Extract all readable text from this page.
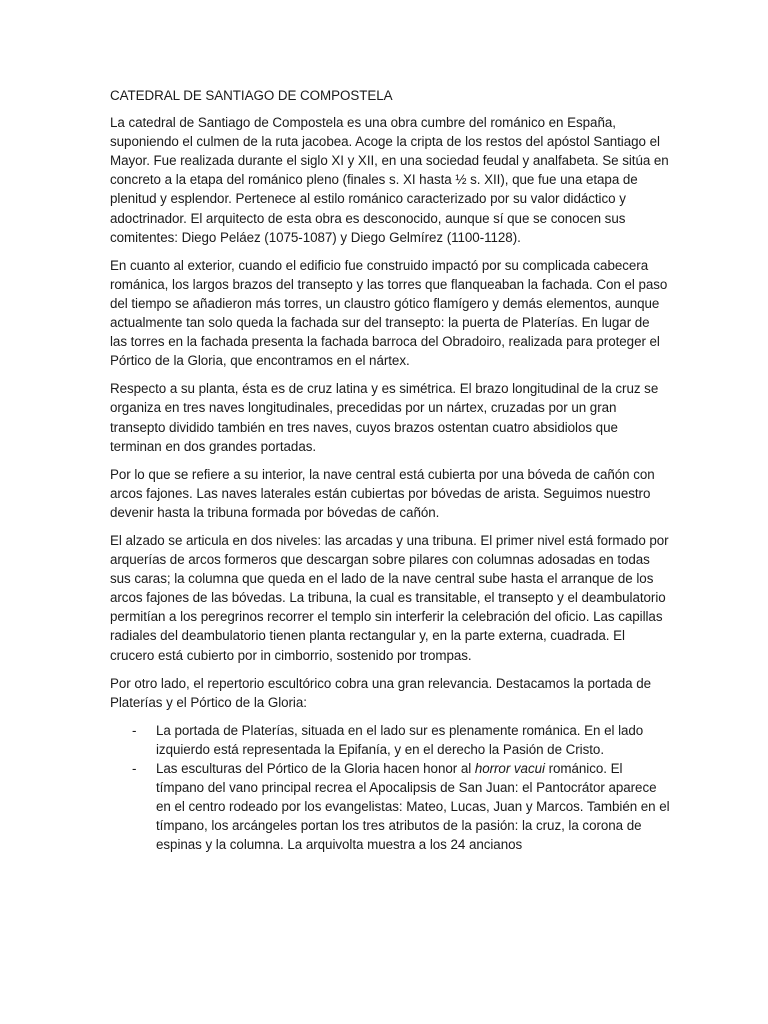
CATEDRAL DE SANTIAGO DE COMPOSTELA

La catedral de Santiago de Compostela es una obra cumbre del románico en España, suponiendo el culmen de la ruta jacobea. Acoge la cripta de los restos del apóstol Santiago el Mayor. Fue realizada durante el siglo XI y XII, en una sociedad feudal y analfabeta. Se sitúa en concreto a la etapa del románico pleno (finales s. XI hasta ½ s. XII), que fue una etapa de plenitud y esplendor. Pertenece al estilo románico caracterizado por su valor didáctico y adoctrinador. El arquitecto de esta obra es desconocido, aunque sí que se conocen sus comitentes: Diego Peláez (1075-1087) y Diego Gelmírez (1100-1128).

En cuanto al exterior, cuando el edificio fue construido impactó por su complicada cabecera románica, los largos brazos del transepto y las torres que flanqueaban la fachada. Con el paso del tiempo se añadieron más torres, un claustro gótico flamígero y demás elementos, aunque actualmente tan solo queda la fachada sur del transepto: la puerta de Platerías. En lugar de las torres en la fachada presenta la fachada barroca del Obradoiro, realizada para proteger el Pórtico de la Gloria, que encontramos en el nártex.

Respecto a su planta, ésta es de cruz latina y es simétrica. El brazo longitudinal de la cruz se organiza en tres naves longitudinales, precedidas por un nártex, cruzadas por un gran transepto dividido también en tres naves, cuyos brazos ostentan cuatro absidiolos que terminan en dos grandes portadas.

Por lo que se refiere a su interior, la nave central está cubierta por una bóveda de cañón con arcos fajones. Las naves laterales están cubiertas por bóvedas de arista. Seguimos nuestro devenir hasta la tribuna formada por bóvedas de cañón.

El alzado se articula en dos niveles: las arcadas y una tribuna. El primer nivel está formado por arquerías de arcos formeros que descargan sobre pilares con columnas adosadas en todas sus caras; la columna que queda en el lado de la nave central sube hasta el arranque de los arcos fajones de las bóvedas. La tribuna, la cual es transitable, el transepto y el deambulatorio permitían a los peregrinos recorrer el templo sin interferir la celebración del oficio. Las capillas radiales del deambulatorio tienen planta rectangular y, en la parte externa, cuadrada. El crucero está cubierto por in cimborrio, sostenido por trompas.

Por otro lado, el repertorio escultórico cobra una gran relevancia. Destacamos la portada de Platerías y el Pórtico de la Gloria:

- La portada de Platerías, situada en el lado sur es plenamente románica. En el lado izquierdo está representada la Epifanía, y en el derecho la Pasión de Cristo.
- Las esculturas del Pórtico de la Gloria hacen honor al horror vacui románico. El tímpano del vano principal recrea el Apocalipsis de San Juan: el Pantocrátor aparece en el centro rodeado por los evangelistas: Mateo, Lucas, Juan y Marcos. También en el tímpano, los arcángeles portan los tres atributos de la pasión: la cruz, la corona de espinas y la columna. La arquivolta muestra a los 24 ancianos
